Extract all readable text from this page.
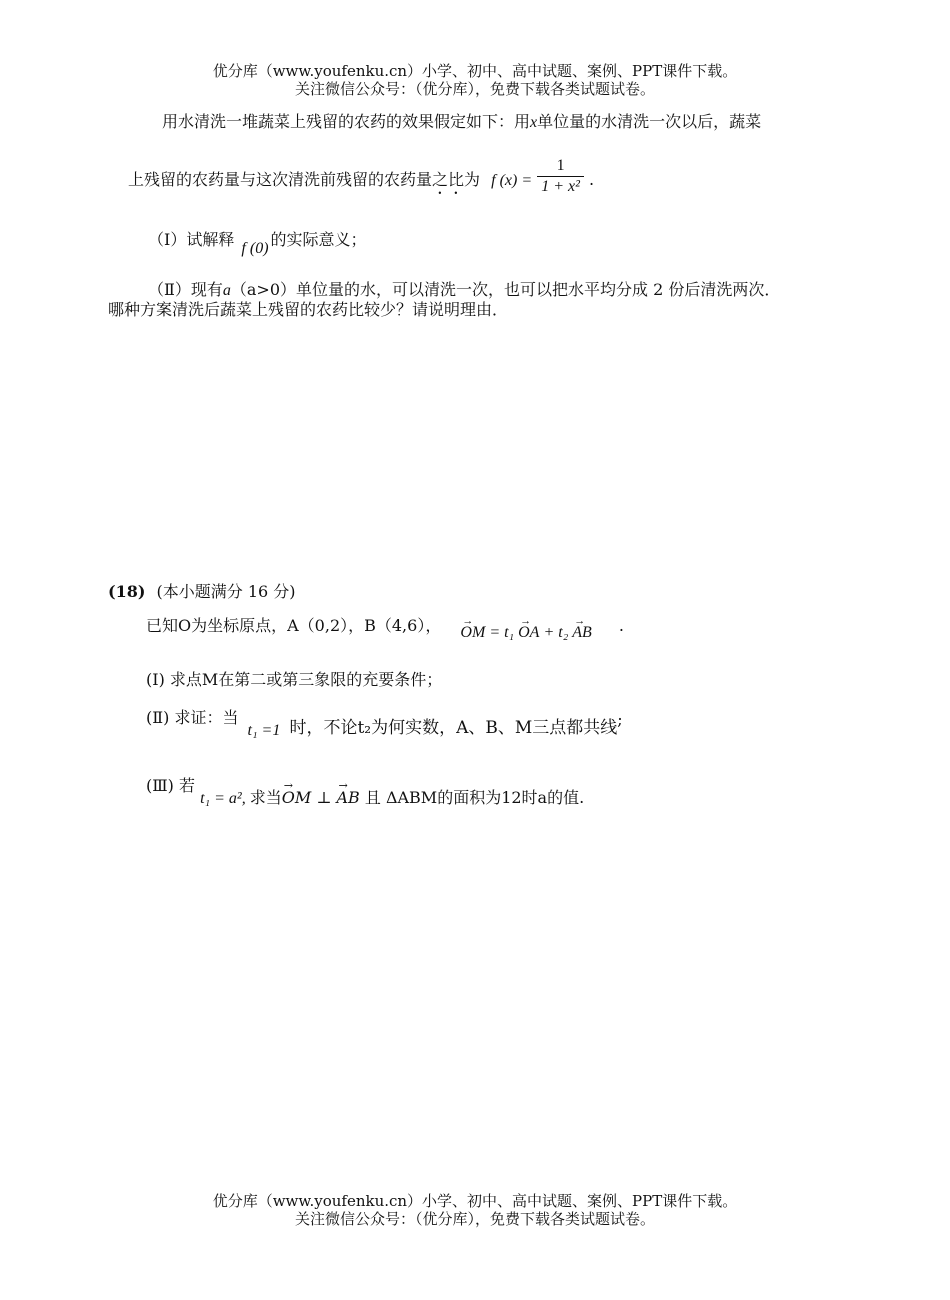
优分库（www.youfenku.cn）小学、初中、高中试题、案例、PPT课件下载。
关注微信公众号：（优分库），免费下载各类试题试卷。
用水清洗一堆蔬菜上残留的农药的效果假定如下：用x单位量的水清洗一次以后，蔬菜
上残留的农药量与这次清洗前残留的农药量之比为 f $(x) = \frac{1}{\text{1 + x²}}$ .
（Ⅰ）试解释 f (0) 的实际意义；
（Ⅱ）现有a（a>0）单位量的水，可以清洗一次，也可以把水平均分成 2 份后清洗两次．
哪种方案清洗后蔬菜上残留的农药比较少？请说明理由．
(18) (本小题满分 16 分)
已知O为坐标原点，A（0,2），B（4,6）， → OM = t₁ → OA + t₂ → AB .
(Ⅰ) 求点M在第二或第三象限的充要条件；
(Ⅱ) 求证：当 t₁ =1 时，不论t₂为何实数，A、B、M三点都共线;
(Ⅲ) 若 t₁ = a², 求当→ OM ⊥ → AB 且 ΔABM的面积为12时a的值.
优分库（www.youfenku.cn）小学、初中、高中试题、案例、PPT课件下载。
关注微信公众号：（优分库），免费下载各类试题试卷。
